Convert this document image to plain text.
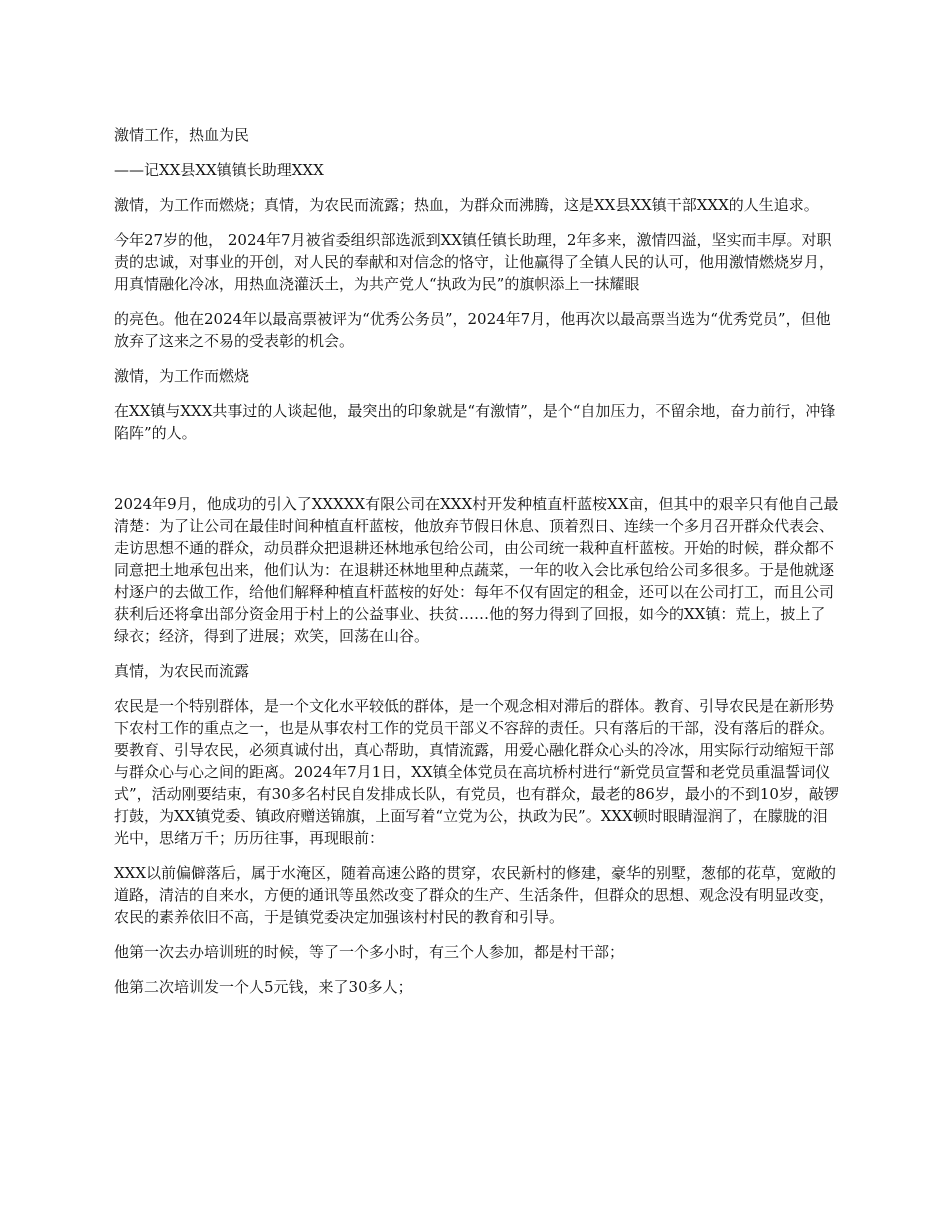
激情工作，热血为民

——记XX县XX镇镇长助理XXX

激情，为工作而燃烧；真情，为农民而流露；热血，为群众而沸腾，这是XX县XX镇干部XXX的人生追求。

今年27岁的他， 2024年7月被省委组织部选派到XX镇任镇长助理，2年多来，激情四溢，坚实而丰厚。对职责的忠诚，对事业的开创，对人民的奉献和对信念的恪守，让他赢得了全镇人民的认可，他用激情燃烧岁月，用真情融化冷冰，用热血浇灌沃土，为共产党人“执政为民”的旗帜添上一抹耀眼

的亮色。他在2024年以最高票被评为“优秀公务员”，2024年7月，他再次以最高票当选为“优秀党员”，但他放弃了这来之不易的受表彰的机会。

激情，为工作而燃烧

在XX镇与XXX共事过的人谈起他，最突出的印象就是“有激情”，是个“自加压力，不留余地，奋力前行，冲锋陷阵”的人。

2024年9月，他成功的引入了XXXXX有限公司在XXX村开发种植直杆蓝桉XX亩，但其中的艰辛只有他自己最清楚：为了让公司在最佳时间种植直杆蓝桉，他放弃节假日休息、顶着烈日、连续一个多月召开群众代表会、走访思想不通的群众，动员群众把退耕还林地承包给公司，由公司统一栽种直杆蓝桉。开始的时候，群众都不同意把土地承包出来，他们认为：在退耕还林地里种点蔬菜，一年的收入会比承包给公司多很多。于是他就逐村逐户的去做工作，给他们解释种植直杆蓝桉的好处：每年不仅有固定的租金，还可以在公司打工，而且公司获利后还将拿出部分资金用于村上的公益事业、扶贫……他的努力得到了回报，如今的XX镇：荒上，披上了绿衣；经济，得到了进展；欢笑，回荡在山谷。

真情，为农民而流露

农民是一个特别群体，是一个文化水平较低的群体，是一个观念相对滞后的群体。教育、引导农民是在新形势下农村工作的重点之一，也是从事农村工作的党员干部义不容辞的责任。只有落后的干部，没有落后的群众。要教育、引导农民，必须真诚付出，真心帮助，真情流露，用爱心融化群众心头的冷冰，用实际行动缩短干部与群众心与心之间的距离。2024年7月1日，XX镇全体党员在高坑桥村进行“新党员宣誓和老党员重温誓词仪式”，活动刚要结束，有30多名村民自发排成长队，有党员，也有群众，最老的86岁，最小的不到10岁，敲锣打鼓，为XX镇党委、镇政府赠送锦旗，上面写着“立党为公，执政为民”。XXX顿时眼睛湿润了，在朦胧的泪光中，思绪万千；历历往事，再现眼前：

XXX以前偏僻落后，属于水淹区，随着高速公路的贯穿，农民新村的修建，豪华的别墅，葱郁的花草，宽敞的道路，清洁的自来水，方便的通讯等虽然改变了群众的生产、生活条件，但群众的思想、观念没有明显改变，农民的素养依旧不高，于是镇党委决定加强该村村民的教育和引导。

他第一次去办培训班的时候，等了一个多小时，有三个人参加，都是村干部；

他第二次培训发一个人5元钱，来了30多人；
